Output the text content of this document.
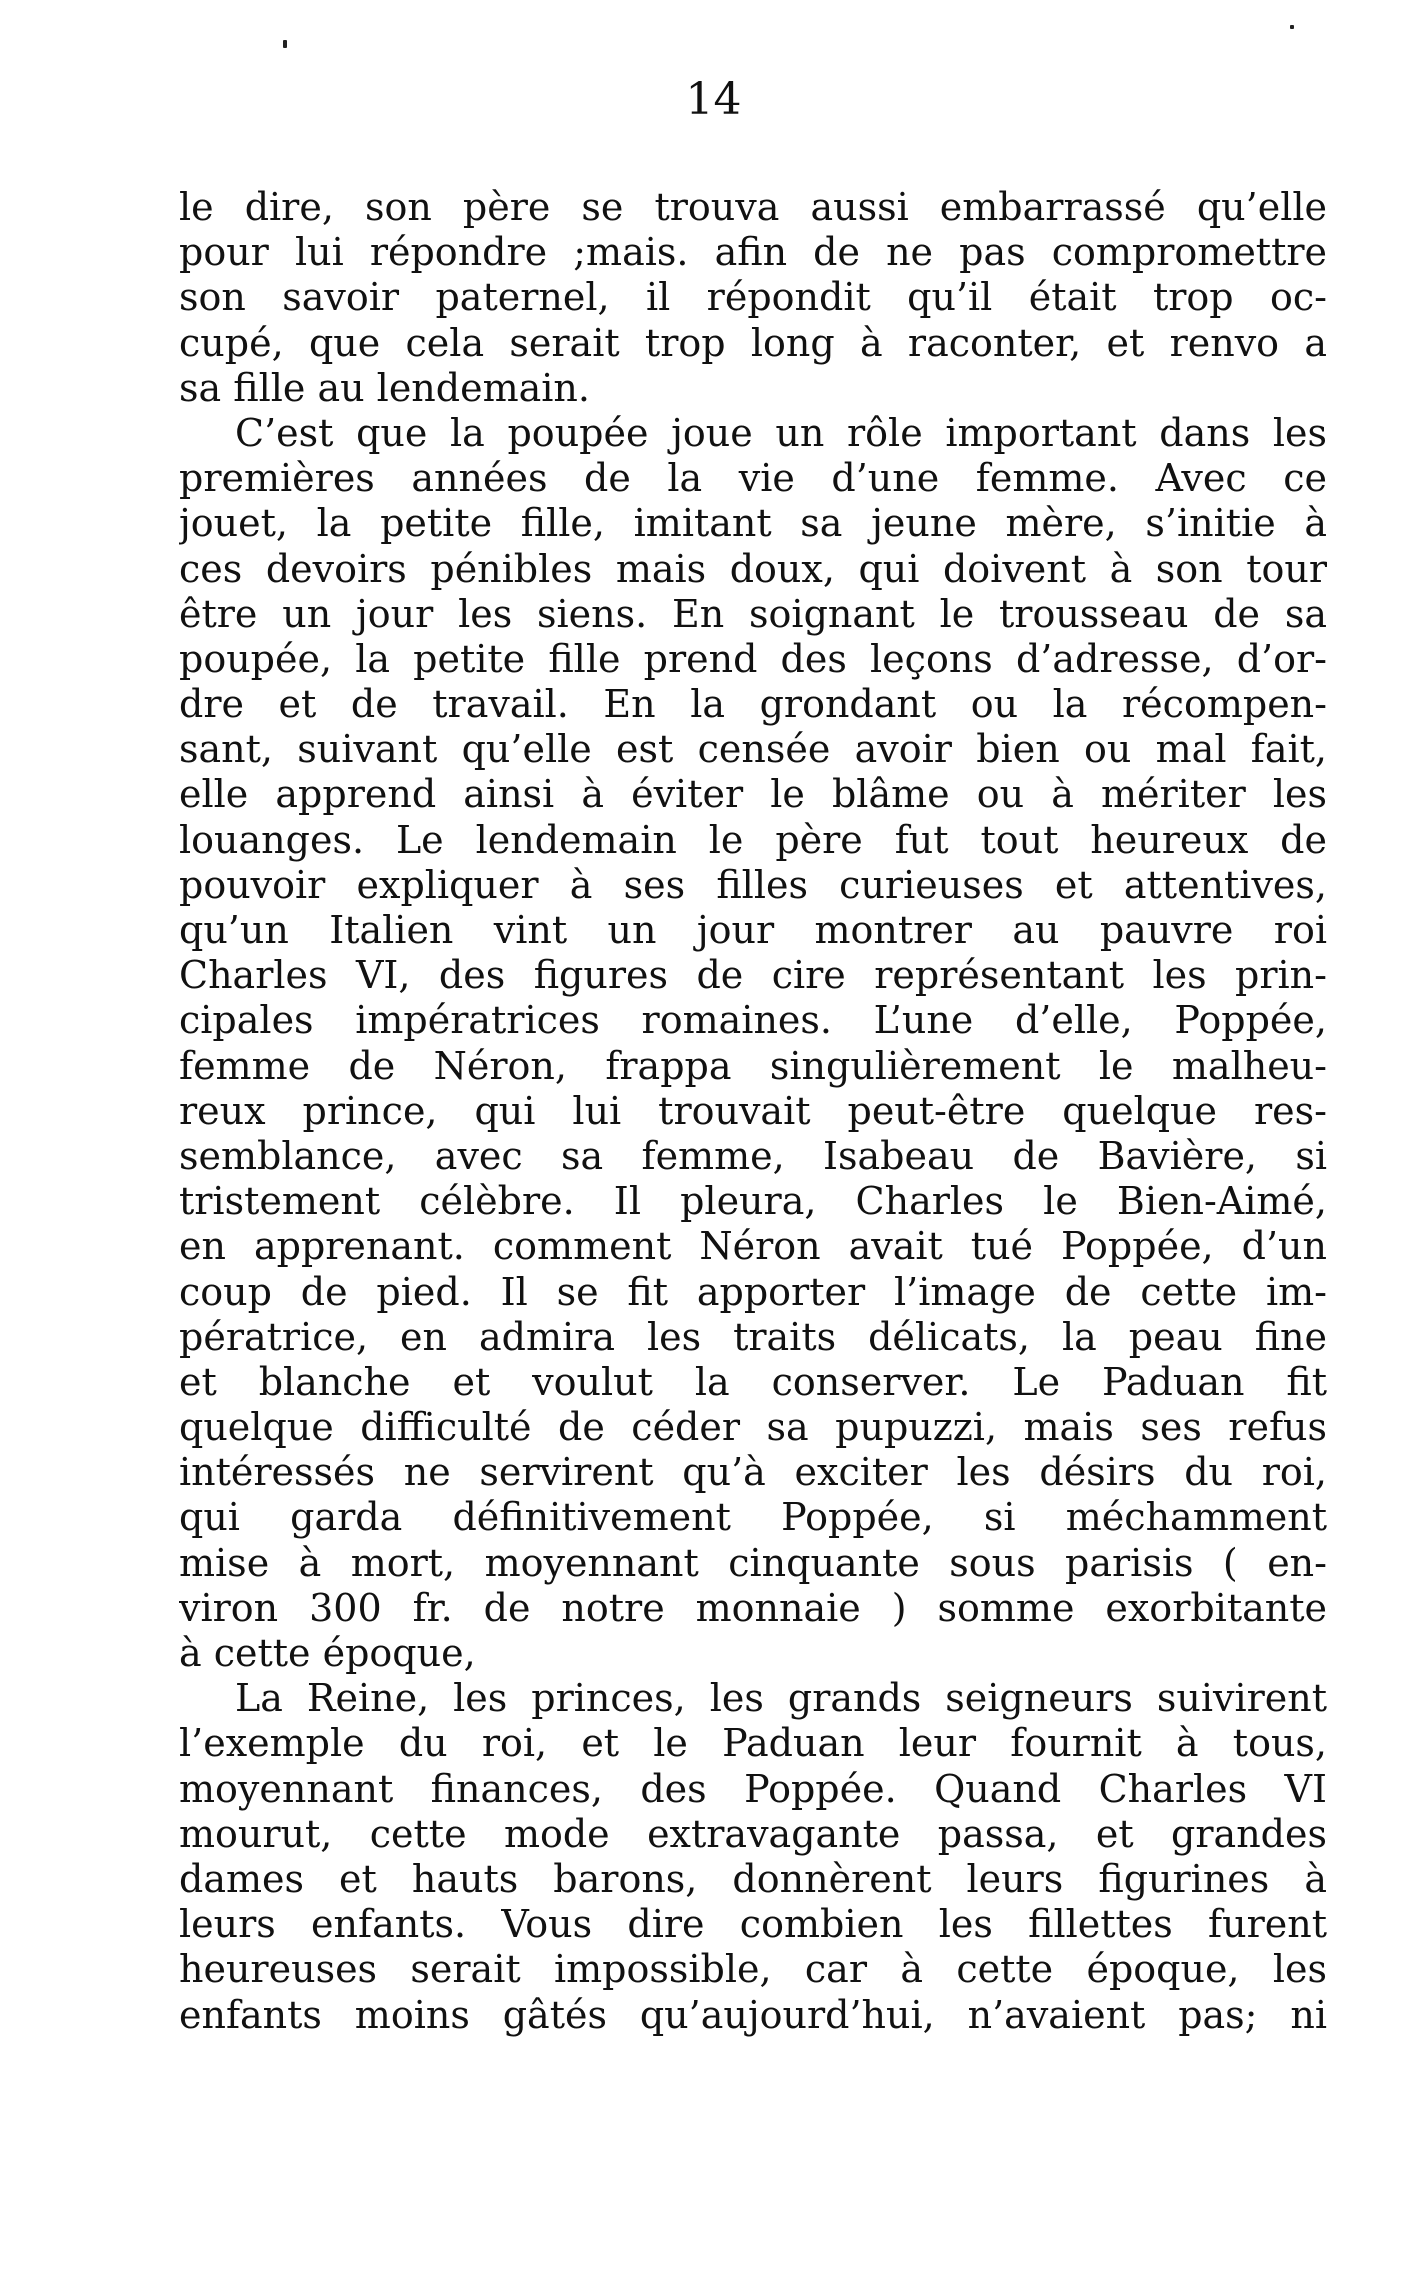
14
le dire, son père se trouva aussi embarrassé qu’elle
pour lui répondre ;mais. afin de ne pas compromettre
son savoir paternel, il répondit qu’il était trop oc-
cupé, que cela serait trop long à raconter, et renvo a
sa fille au lendemain.
C’est que la poupée joue un rôle important dans les
premières années de la vie d’une femme. Avec ce
jouet, la petite fille, imitant sa jeune mère, s’initie à
ces devoirs pénibles mais doux, qui doivent à son tour
être un jour les siens. En soignant le trousseau de sa
poupée, la petite fille prend des leçons d’adresse, d’or-
dre et de travail. En la grondant ou la récompen-
sant, suivant qu’elle est censée avoir bien ou mal fait,
elle apprend ainsi à éviter le blâme ou à mériter les
louanges. Le lendemain le père fut tout heureux de
pouvoir expliquer à ses filles curieuses et attentives,
qu’un Italien vint un jour montrer au pauvre roi
Charles VI, des figures de cire représentant les prin-
cipales impératrices romaines. L’une d’elle, Poppée,
femme de Néron, frappa singulièrement le malheu-
reux prince, qui lui trouvait peut-être quelque res-
semblance, avec sa femme, Isabeau de Bavière, si
tristement célèbre. Il pleura, Charles le Bien-Aimé,
en apprenant. comment Néron avait tué Poppée, d’un
coup de pied. Il se fit apporter l’image de cette im-
pératrice, en admira les traits délicats, la peau fine
et blanche et voulut la conserver. Le Paduan fit
quelque difficulté de céder sa pupuzzi, mais ses refus
intéressés ne servirent qu’à exciter les désirs du roi,
qui garda définitivement Poppée, si méchamment
mise à mort, moyennant cinquante sous parisis ( en-
viron 300 fr. de notre monnaie ) somme exorbitante
à cette époque,
La Reine, les princes, les grands seigneurs suivirent
l’exemple du roi, et le Paduan leur fournit à tous,
moyennant finances, des Poppée. Quand Charles VI
mourut, cette mode extravagante passa, et grandes
dames et hauts barons, donnèrent leurs figurines à
leurs enfants. Vous dire combien les fillettes furent
heureuses serait impossible, car à cette époque, les
enfants moins gâtés qu’aujourd’hui, n’avaient pas; ni
